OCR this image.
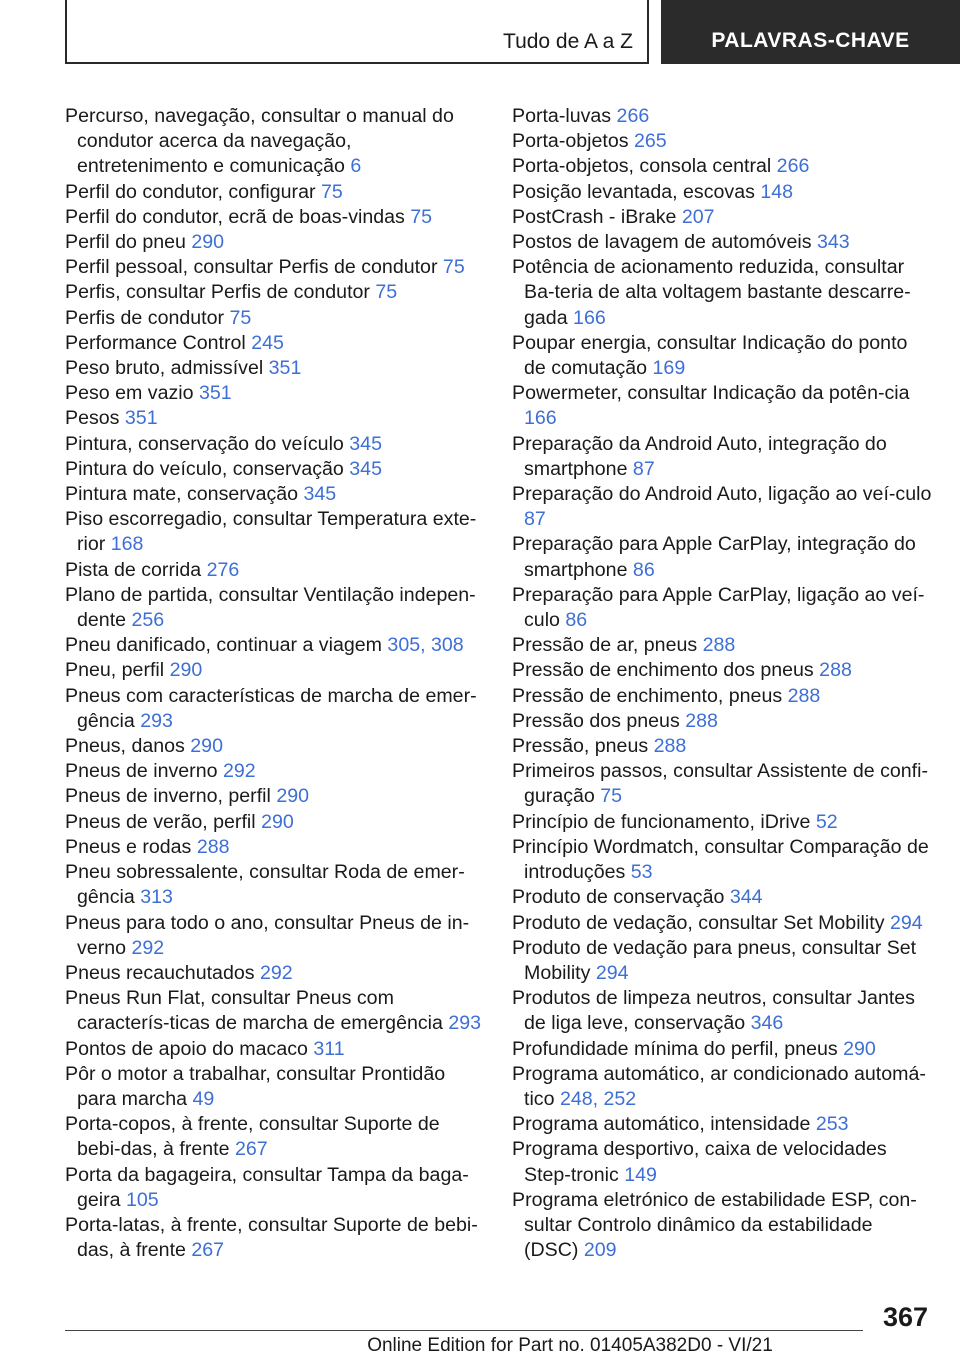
Tudo de A a Z	PALAVRAS-CHAVE
Percurso, navegação, consultar o manual do condutor acerca da navegação, entretenimento e comunicação 6
Perfil do condutor, configurar 75
Perfil do condutor, ecrã de boas-vindas 75
Perfil do pneu 290
Perfil pessoal, consultar Perfis de condutor 75
Perfis, consultar Perfis de condutor 75
Perfis de condutor 75
Performance Control 245
Peso bruto, admissível 351
Peso em vazio 351
Pesos 351
Pintura, conservação do veículo 345
Pintura do veículo, conservação 345
Pintura mate, conservação 345
Piso escorregadio, consultar Temperatura exte-rior 168
Pista de corrida 276
Plano de partida, consultar Ventilação indepen-dente 256
Pneu danificado, continuar a viagem 305, 308
Pneu, perfil 290
Pneus com características de marcha de emer-gência 293
Pneus, danos 290
Pneus de inverno 292
Pneus de inverno, perfil 290
Pneus de verão, perfil 290
Pneus e rodas 288
Pneu sobressalente, consultar Roda de emer-gência 313
Pneus para todo o ano, consultar Pneus de in-verno 292
Pneus recauchutados 292
Pneus Run Flat, consultar Pneus com caracterís-ticas de marcha de emergência 293
Pontos de apoio do macaco 311
Pôr o motor a trabalhar, consultar Prontidão para marcha 49
Porta-copos, à frente, consultar Suporte de bebi-das, à frente 267
Porta da bagageira, consultar Tampa da baga-geira 105
Porta-latas, à frente, consultar Suporte de bebi-das, à frente 267
Porta-luvas 266
Porta-objetos 265
Porta-objetos, consola central 266
Posição levantada, escovas 148
PostCrash - iBrake 207
Postos de lavagem de automóveis 343
Potência de acionamento reduzida, consultar Ba-teria de alta voltagem bastante descarre-gada 166
Poupar energia, consultar Indicação do ponto de comutação 169
Powermeter, consultar Indicação da potên-cia 166
Preparação da Android Auto, integração do smartphone 87
Preparação do Android Auto, ligação ao veí-culo 87
Preparação para Apple CarPlay, integração do smartphone 86
Preparação para Apple CarPlay, ligação ao veí-culo 86
Pressão de ar, pneus 288
Pressão de enchimento dos pneus 288
Pressão de enchimento, pneus 288
Pressão dos pneus 288
Pressão, pneus 288
Primeiros passos, consultar Assistente de confi-guração 75
Princípio de funcionamento, iDrive 52
Princípio Wordmatch, consultar Comparação de introduções 53
Produto de conservação 344
Produto de vedação, consultar Set Mobility 294
Produto de vedação para pneus, consultar Set Mobility 294
Produtos de limpeza neutros, consultar Jantes de liga leve, conservação 346
Profundidade mínima do perfil, pneus 290
Programa automático, ar condicionado automá-tico 248, 252
Programa automático, intensidade 253
Programa desportivo, caixa de velocidades Step-tronic 149
Programa eletrónico de estabilidade ESP, con-sultar Controlo dinâmico da estabilidade (DSC) 209
367
Online Edition for Part no. 01405A382D0 - VI/21
